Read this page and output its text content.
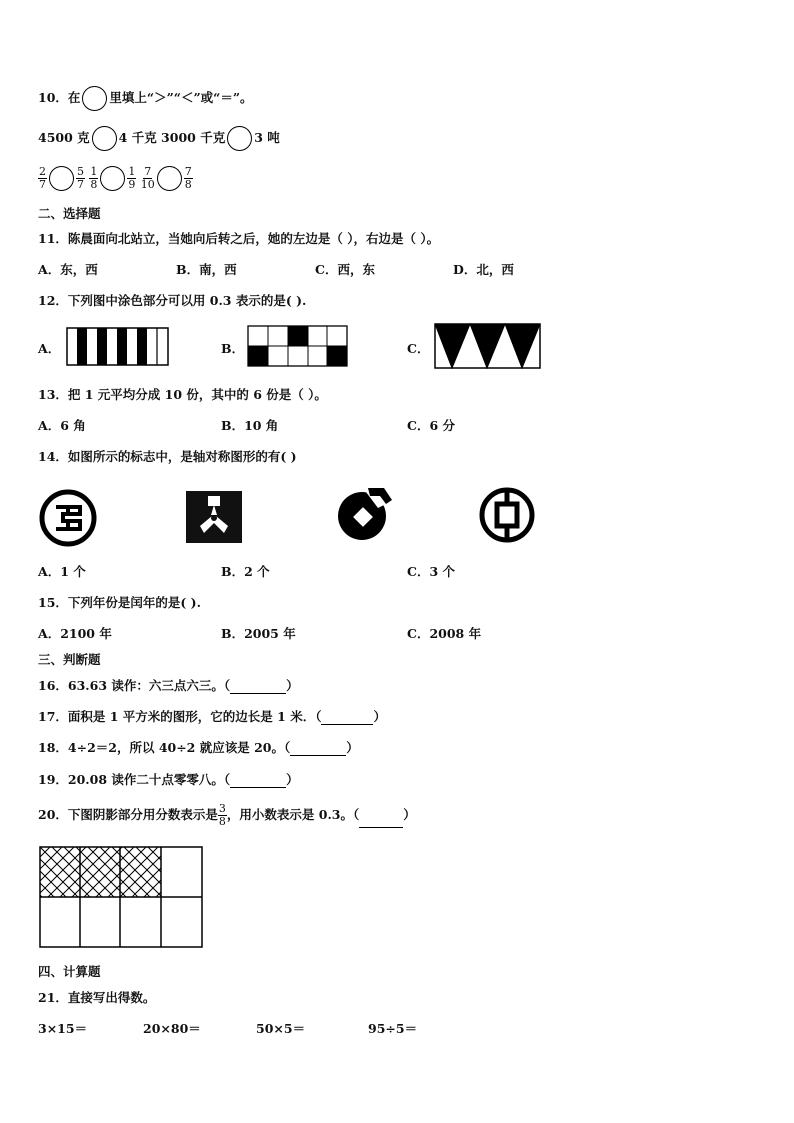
10．在 里填上“＞”“＜”或“＝”。
4500 克 4 千克 3000 千克 3 吨
$\frac{2}{7}$	$\frac{5}{7}$
$\frac{1}{8}$	$\frac{1}{9}$
$\frac{7}{10}$	$\frac{7}{8}$
二、选择题
11．陈晨面向北站立，当她向后转之后，她的左边是（ ），右边是（ ）。
A．东，西	B．南，西	C．西，东	D．北，西
12．下列图中涂色部分可以用 0.3 表示的是( ).
A．	B．	C．
13．把 1 元平均分成 10 份，其中的 6 份是（ ）。
A．6 角	B．10 角	C．6 分
14．如图所示的标志中，是轴对称图形的有( )
A．1 个	B．2 个	C．3 个
15．下列年份是闰年的是( ).
A．2100 年	B．2005 年	C．2008 年
三、判断题
16．63.63 读作：六三点六三。（	）
17．面积是 1 平方米的图形，它的边长是 1 米．（	）
18．4÷2＝2，所以 40÷2 就应该是 20。（	）
19．20.08 读作二十点零零八。（	）
20．下图阴影部分用分数表示是 $\frac{3}{8}$ ，用小数表示是 0.3。（	）
四、计算题
21．直接写出得数。
3×15＝	20×80＝	50×5＝	95÷5＝
